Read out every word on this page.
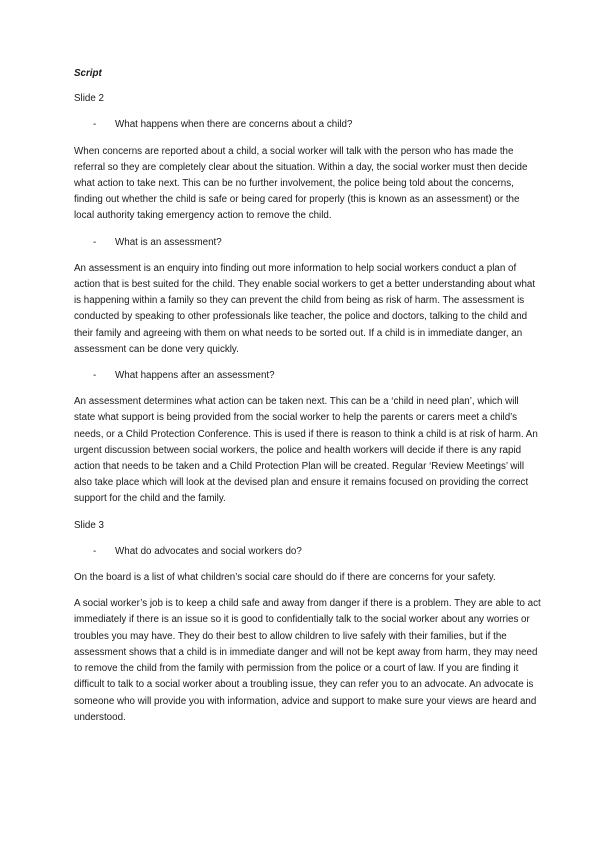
Script

Slide 2

-	What happens when there are concerns about a child?

When concerns are reported about a child, a social worker will talk with the person who has made the referral so they are completely clear about the situation. Within a day, the social worker must then decide what action to take next. This can be no further involvement, the police being told about the concerns, finding out whether the child is safe or being cared for properly (this is known as an assessment) or the local authority taking emergency action to remove the child.

-	What is an assessment?

An assessment is an enquiry into finding out more information to help social workers conduct a plan of action that is best suited for the child. They enable social workers to get a better understanding about what is happening within a family so they can prevent the child from being as risk of harm. The assessment is conducted by speaking to other professionals like teacher, the police and doctors, talking to the child and their family and agreeing with them on what needs to be sorted out. If a child is in immediate danger, an assessment can be done very quickly.

-	What happens after an assessment?

An assessment determines what action can be taken next. This can be a ‘child in need plan’, which will state what support is being provided from the social worker to help the parents or carers meet a child’s needs, or a Child Protection Conference. This is used if there is reason to think a child is at risk of harm. An urgent discussion between social workers, the police and health workers will decide if there is any rapid action that needs to be taken and a Child Protection Plan will be created. Regular ‘Review Meetings’ will also take place which will look at the devised plan and ensure it remains focused on providing the correct support for the child and the family.

Slide 3

-	What do advocates and social workers do?

On the board is a list of what children’s social care should do if there are concerns for your safety.

A social worker’s job is to keep a child safe and away from danger if there is a problem. They are able to act immediately if there is an issue so it is good to confidentially talk to the social worker about any worries or troubles you may have. They do their best to allow children to live safely with their families, but if the assessment shows that a child is in immediate danger and will not be kept away from harm, they may need to remove the child from the family with permission from the police or a court of law. If you are finding it difficult to talk to a social worker about a troubling issue, they can refer you to an advocate. An advocate is someone who will provide you with information, advice and support to make sure your views are heard and understood.
